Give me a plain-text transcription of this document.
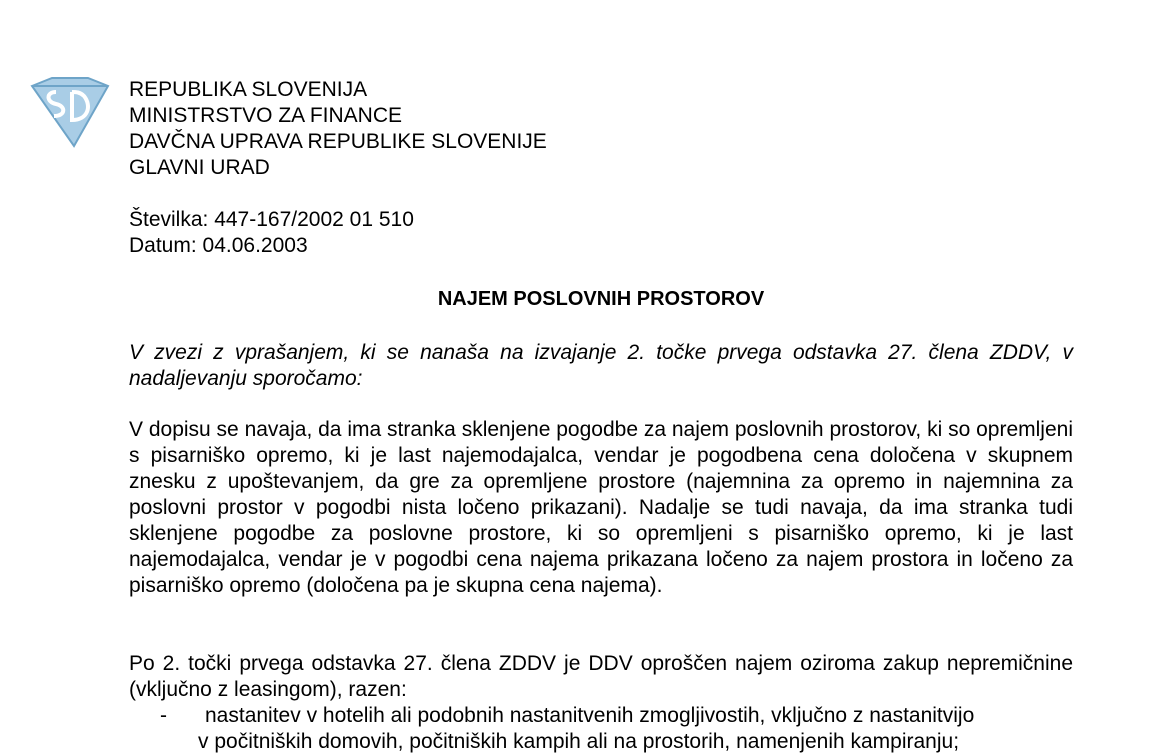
REPUBLIKA SLOVENIJA
MINISTRSTVO ZA FINANCE
DAVČNA UPRAVA REPUBLIKE SLOVENIJE
GLAVNI URAD
Številka: 447-167/2002 01 510
Datum: 04.06.2003
NAJEM POSLOVNIH PROSTOROV
V zvezi z vprašanjem, ki se nanaša na izvajanje 2. točke prvega odstavka 27. člena ZDDV, v nadaljevanju sporočamo:
V dopisu se navaja, da ima stranka sklenjene pogodbe za najem poslovnih prostorov, ki so opremljeni s pisarniško opremo, ki je last najemodajalca, vendar je pogodbena cena določena v skupnem znesku z upoštevanjem, da gre za opremljene prostore (najemnina za opremo in najemnina za poslovni prostor v pogodbi nista ločeno prikazani). Nadalje se tudi navaja, da ima stranka tudi sklenjene pogodbe za poslovne prostore, ki so opremljeni s pisarniško opremo, ki je last najemodajalca, vendar je v pogodbi cena najema prikazana ločeno za najem prostora in ločeno za pisarniško opremo (določena pa je skupna cena najema).
Po 2. točki prvega odstavka 27. člena ZDDV je DDV oproščen najem oziroma zakup nepremičnine (vključno z leasingom), razen:
- nastanitev v hotelih ali podobnih nastanitvenih zmogljivostih, vključno z nastanitvijo
v počitniških domovih, počitniških kampih ali na prostorih, namenjenih kampiranju;
